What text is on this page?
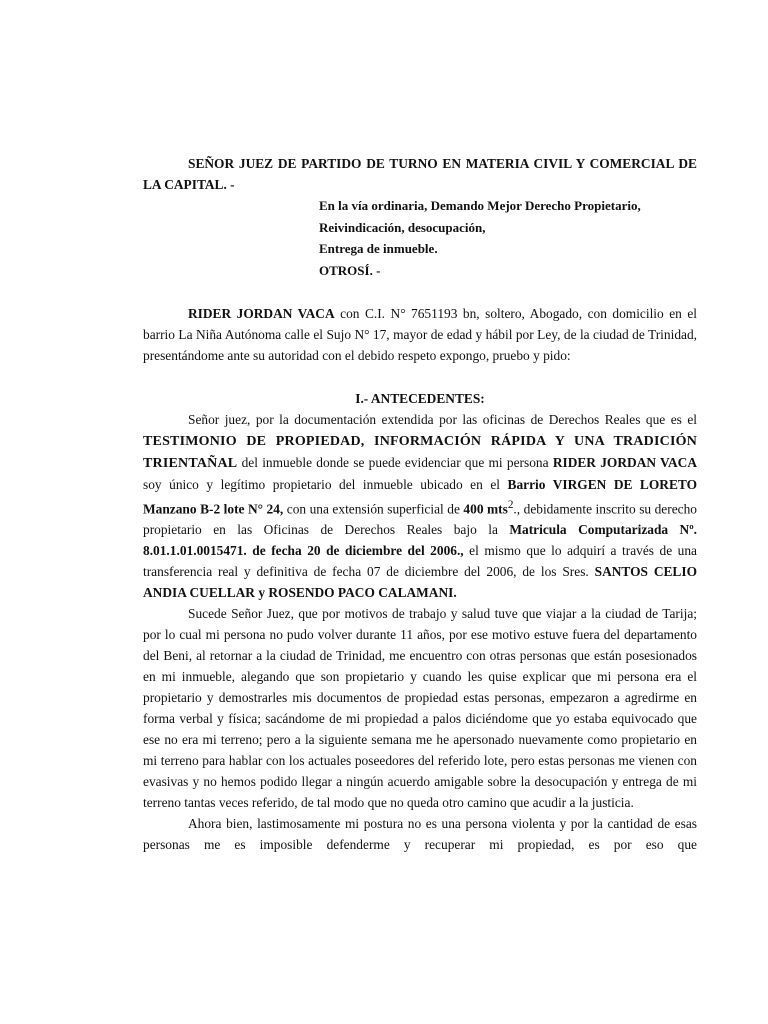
SEÑOR JUEZ DE PARTIDO DE TURNO EN MATERIA CIVIL Y COMERCIAL DE LA CAPITAL. -

En la vía ordinaria, Demando Mejor Derecho Propietario,
Reivindicación, desocupación,
Entrega de inmueble.
OTROSÍ. -

RIDER JORDAN VACA con C.I. N° 7651193 bn, soltero, Abogado, con domicilio en el barrio La Niña Autónoma calle el Sujo N° 17, mayor de edad y hábil por Ley, de la ciudad de Trinidad, presentándome ante su autoridad con el debido respeto expongo, pruebo y pido:

I.- ANTECEDENTES:

Señor juez, por la documentación extendida por las oficinas de Derechos Reales que es el TESTIMONIO DE PROPIEDAD, INFORMACIÓN RÁPIDA Y UNA TRADICIÓN TRIENTAÑAL del inmueble donde se puede evidenciar que mi persona RIDER JORDAN VACA soy único y legítimo propietario del inmueble ubicado en el Barrio VIRGEN DE LORETO Manzano B-2 lote N° 24, con una extensión superficial de 400 mts$^2$., debidamente inscrito su derecho propietario en las Oficinas de Derechos Reales bajo la Matricula Computarizada Nº. 8.01.1.01.0015471. de fecha 20 de diciembre del 2006., el mismo que lo adquirí a través de una transferencia real y definitiva de fecha 07 de diciembre del 2006, de los Sres. SANTOS CELIO ANDIA CUELLAR y ROSENDO PACO CALAMANI.

Sucede Señor Juez, que por motivos de trabajo y salud tuve que viajar a la ciudad de Tarija; por lo cual mi persona no pudo volver durante 11 años, por ese motivo estuve fuera del departamento del Beni, al retornar a la ciudad de Trinidad, me encuentro con otras personas que están posesionados en mi inmueble, alegando que son propietario y cuando les quise explicar que mi persona era el propietario y demostrarles mis documentos de propiedad estas personas, empezaron a agredirme en forma verbal y física; sacándome de mi propiedad a palos diciéndome que yo estaba equivocado que ese no era mi terreno; pero a la siguiente semana me he apersonado nuevamente como propietario en mi terreno para hablar con los actuales poseedores del referido lote, pero estas personas me vienen con evasivas y no hemos podido llegar a ningún acuerdo amigable sobre la desocupación y entrega de mi terreno tantas veces referido, de tal modo que no queda otro camino que acudir a la justicia.

Ahora bien, lastimosamente mi postura no es una persona violenta y por la cantidad de esas personas me es imposible defenderme y recuperar mi propiedad, es por eso que
